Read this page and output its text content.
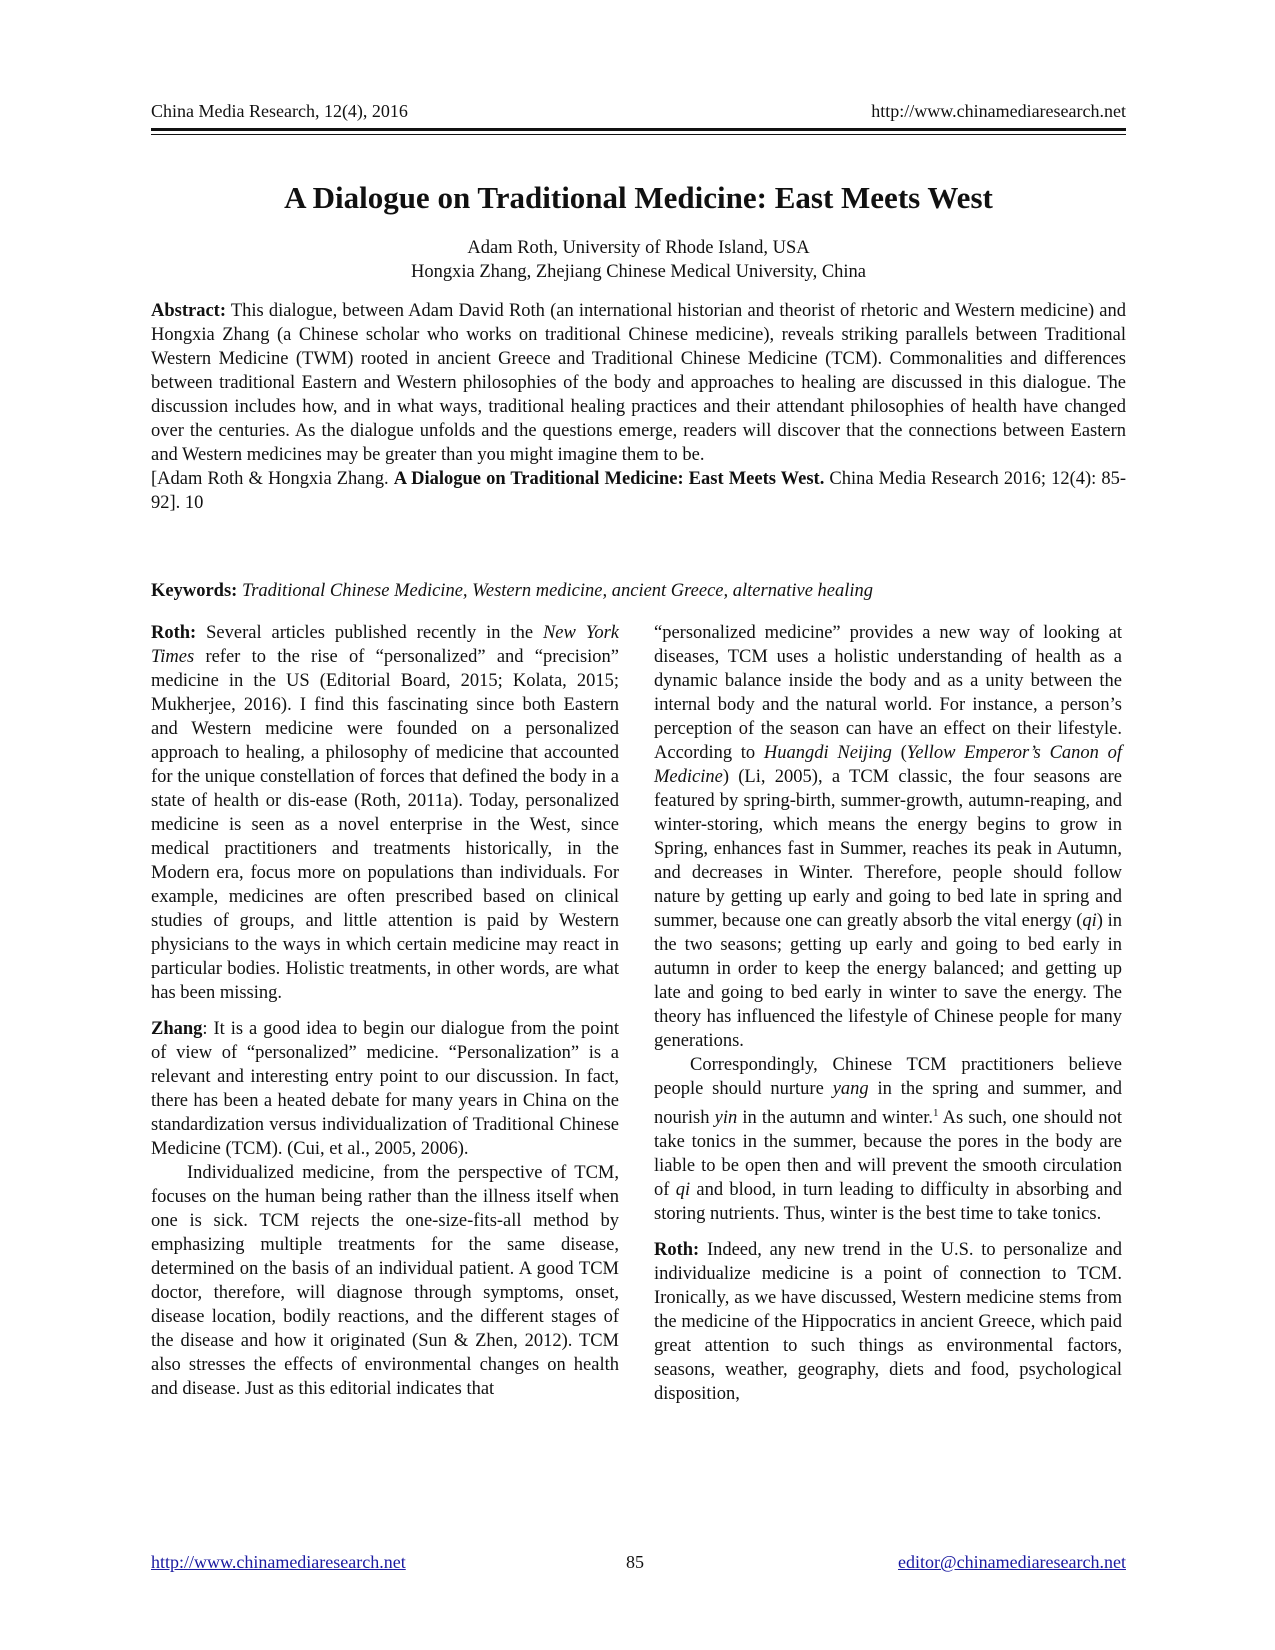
China Media Research, 12(4), 2016	http://www.chinamediaresearch.net
A Dialogue on Traditional Medicine: East Meets West
Adam Roth, University of Rhode Island, USA
Hongxia Zhang, Zhejiang Chinese Medical University, China

Abstract: This dialogue, between Adam David Roth (an international historian and theorist of rhetoric and Western medicine) and Hongxia Zhang (a Chinese scholar who works on traditional Chinese medicine), reveals striking parallels between Traditional Western Medicine (TWM) rooted in ancient Greece and Traditional Chinese Medicine (TCM). Commonalities and differences between traditional Eastern and Western philosophies of the body and approaches to healing are discussed in this dialogue. The discussion includes how, and in what ways, traditional healing practices and their attendant philosophies of health have changed over the centuries. As the dialogue unfolds and the questions emerge, readers will discover that the connections between Eastern and Western medicines may be greater than you might imagine them to be.

[Adam Roth & Hongxia Zhang. A Dialogue on Traditional Medicine: East Meets West. China Media Research 2016; 12(4): 85-92]. 10

Keywords: Traditional Chinese Medicine, Western medicine, ancient Greece, alternative healing

Roth: Several articles published recently in the New York Times refer to the rise of “personalized” and “precision” medicine in the US (Editorial Board, 2015; Kolata, 2015; Mukherjee, 2016). I find this fascinating since both Eastern and Western medicine were founded on a personalized approach to healing, a philosophy of medicine that accounted for the unique constellation of forces that defined the body in a state of health or dis-ease (Roth, 2011a). Today, personalized medicine is seen as a novel enterprise in the West, since medical practitioners and treatments historically, in the Modern era, focus more on populations than individuals. For example, medicines are often prescribed based on clinical studies of groups, and little attention is paid by Western physicians to the ways in which certain medicine may react in particular bodies. Holistic treatments, in other words, are what has been missing.

Zhang: It is a good idea to begin our dialogue from the point of view of “personalized” medicine. “Personalization” is a relevant and interesting entry point to our discussion. In fact, there has been a heated debate for many years in China on the standardization versus individualization of Traditional Chinese Medicine (TCM). (Cui, et al., 2005, 2006).

Individualized medicine, from the perspective of TCM, focuses on the human being rather than the illness itself when one is sick. TCM rejects the one-size-fits-all method by emphasizing multiple treatments for the same disease, determined on the basis of an individual patient. A good TCM doctor, therefore, will diagnose through symptoms, onset, disease location, bodily reactions, and the different stages of the disease and how it originated (Sun & Zhen, 2012). TCM also stresses the effects of environmental changes on health and disease. Just as this editorial indicates that

“personalized medicine” provides a new way of looking at diseases, TCM uses a holistic understanding of health as a dynamic balance inside the body and as a unity between the internal body and the natural world. For instance, a person’s perception of the season can have an effect on their lifestyle. According to Huangdi Neijing (Yellow Emperor’s Canon of Medicine) (Li, 2005), a TCM classic, the four seasons are featured by spring-birth, summer-growth, autumn-reaping, and winter-storing, which means the energy begins to grow in Spring, enhances fast in Summer, reaches its peak in Autumn, and decreases in Winter. Therefore, people should follow nature by getting up early and going to bed late in spring and summer, because one can greatly absorb the vital energy (qi) in the two seasons; getting up early and going to bed early in autumn in order to keep the energy balanced; and getting up late and going to bed early in winter to save the energy. The theory has influenced the lifestyle of Chinese people for many generations.

Correspondingly, Chinese TCM practitioners believe people should nurture yang in the spring and summer, and nourish yin in the autumn and winter.$^1$ As such, one should not take tonics in the summer, because the pores in the body are liable to be open then and will prevent the smooth circulation of qi and blood, in turn leading to difficulty in absorbing and storing nutrients. Thus, winter is the best time to take tonics.

Roth: Indeed, any new trend in the U.S. to personalize and individualize medicine is a point of connection to TCM. Ironically, as we have discussed, Western medicine stems from the medicine of the Hippocratics in ancient Greece, which paid great attention to such things as environmental factors, seasons, weather, geography, diets and food, psychological disposition,

http://www.chinamediaresearch.net	85	editor@chinamediaresearch.net
